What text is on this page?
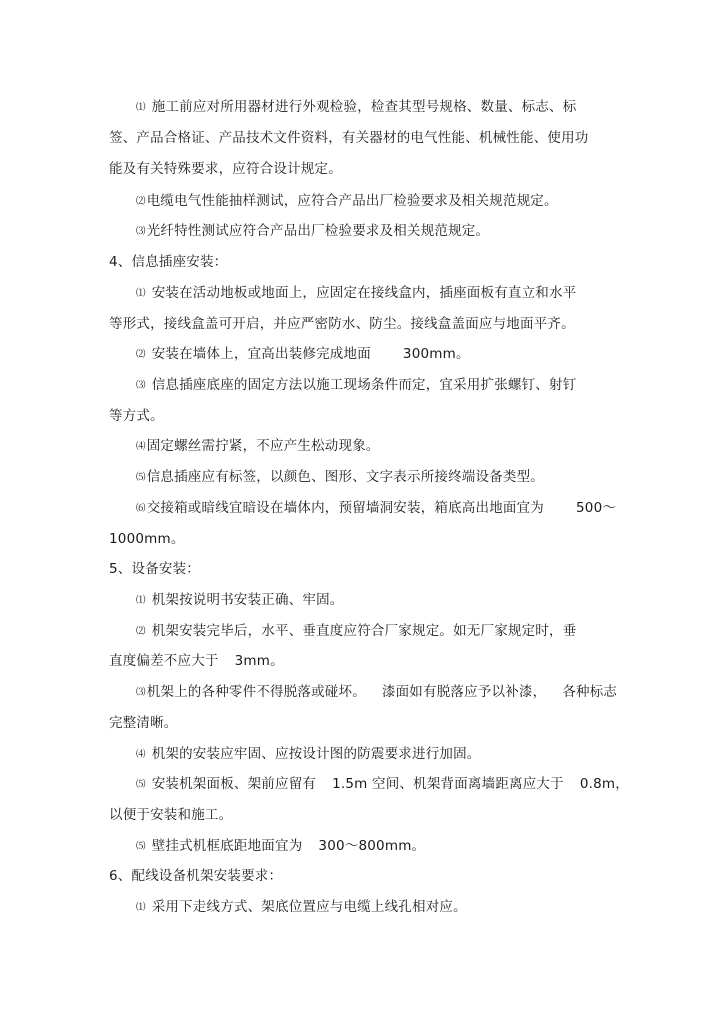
⑴ 施工前应对所用器材进行外观检验，检查其型号规格、数量、标志、标
签、产品合格证、产品技术文件资料，有关器材的电气性能、机械性能、使用功
能及有关特殊要求，应符合设计规定。
⑵电缆电气性能抽样测试，应符合产品出厂检验要求及相关规范规定。
⑶光纤特性测试应符合产品出厂检验要求及相关规范规定。
4、信息插座安装：
⑴ 安装在活动地板或地面上，应固定在接线盒内，插座面板有直立和水平
等形式，接线盒盖可开启，并应严密防水、防尘。接线盒盖面应与地面平齐。
⑵ 安装在墙体上，宜高出装修完成地面 300mm。
⑶ 信息插座底座的固定方法以施工现场条件而定，宜采用扩张螺钉、射钉
等方式。
⑷固定螺丝需拧紧，不应产生松动现象。
⑸信息插座应有标签，以颜色、图形、文字表示所接终端设备类型。
⑹交接箱或暗线宜暗设在墙体内，预留墙洞安装，箱底高出地面宜为 500～
1000mm。
5、设备安装：
⑴ 机架按说明书安装正确、牢固。
⑵ 机架安装完毕后，水平、垂直度应符合厂家规定。如无厂家规定时，垂
直度偏差不应大于 3mm。
⑶机架上的各种零件不得脱落或碰坏。 漆面如有脱落应予以补漆， 各种标志
完整清晰。
⑷ 机架的安装应牢固、应按设计图的防震要求进行加固。
⑸ 安装机架面板、架前应留有 1.5m 空间、机架背面离墙距离应大于 0.8m，
以便于安装和施工。
⑸ 壁挂式机框底距地面宜为 300～800mm。
6、配线设备机架安装要求：
⑴ 采用下走线方式、架底位置应与电缆上线孔相对应。
